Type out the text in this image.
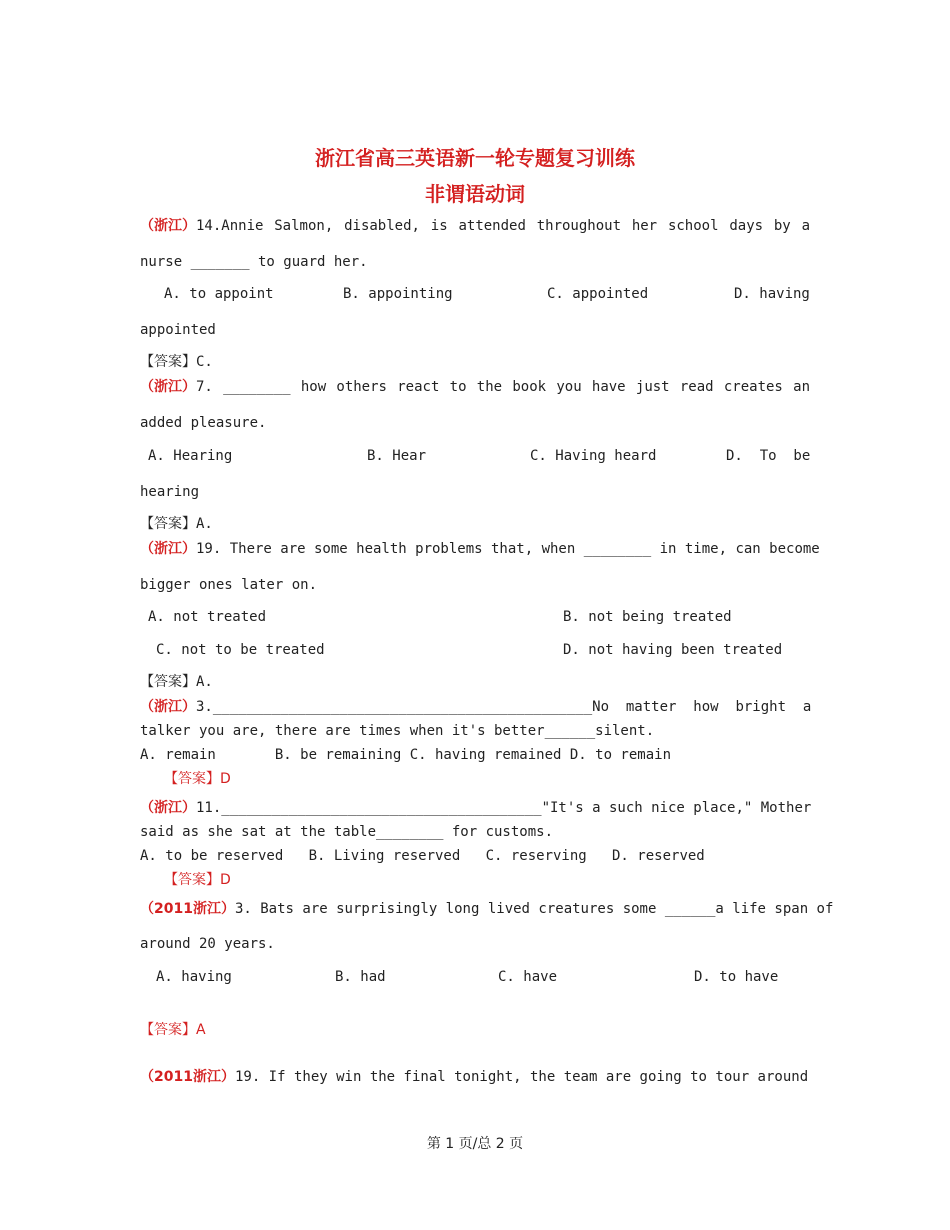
浙江省高三英语新一轮专题复习训练
非谓语动词
（浙江） 14.Annie Salmon, disabled, is attended throughout her school days by a
nurse _______ to guard her.
A. to appoint	B. appointing	C. appointed	D. having
appointed
【答案】C.
（浙江） 7. ________ how others react to the book you have just read creates an
added pleasure.
A. Hearing	B. Hear	C. Having heard	D.  To  be
hearing
【答案】A.
（浙江） 19. There are some health problems that, when ________ in time, can become
bigger ones later on.
A. not treated	B. not being treated
C. not to be treated	D. not having been treated
【答案】A.
（浙江） 3._____________________________________________No  matter  how  bright  a
talker you are, there are times when it's better______silent.
A. remain       B. be remaining C. having remained D. to remain
【答案】D
（浙江） 11.______________________________________"It's a such nice place," Mother
said as she sat at the table________ for customs.
A. to be reserved   B. Living reserved   C. reserving   D. reserved
【答案】D
（2011浙江） 3. Bats are surprisingly long lived creatures some ______a life span of
around 20 years.
A. having	B. had	C. have	D. to have
【答案】A
（2011浙江）19. If they win the final tonight, the team are going to tour around
第 1 页/总 2 页
